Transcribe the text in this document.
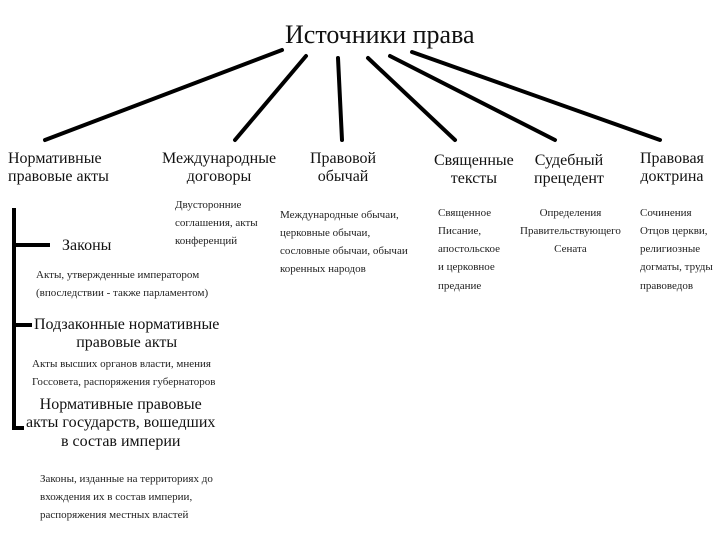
Источники права
Нормативные
правовые акты
Международные
договоры
Двусторонние
соглашения, акты
конференций
Правовой
обычай
Международные обычаи,
церковные обычаи,
сословные обычаи, обычаи
коренных народов
Священные
тексты
Священное
Писание,
апостольское
и церковное
предание
Судебный
прецедент
Определения
Правительствующего
Сената
Правовая
доктрина
Сочинения
Отцов церкви,
религиозные
догматы, труды
правоведов
Законы
Акты, утвержденные императором
(впоследствии - также парламентом)
Подзаконные нормативные
правовые акты
Акты высших органов власти, мнения
Госсовета, распоряжения губернаторов
Нормативные правовые
акты государств, вошедших
в состав империи
Законы, изданные на территориях до
вхождения их в состав империи,
распоряжения местных властей
